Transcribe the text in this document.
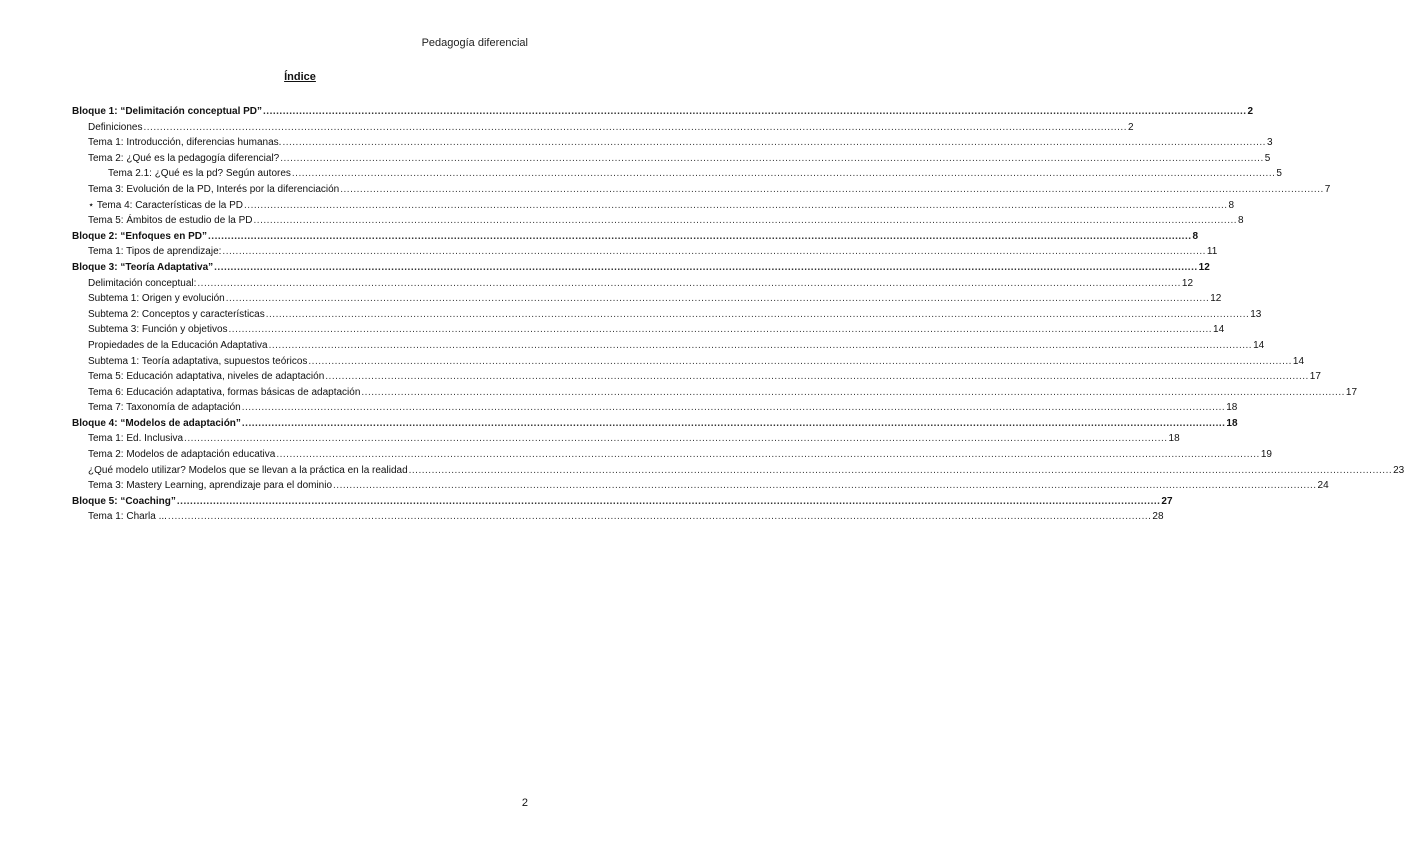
Pedagogía diferencial
Índice
Bloque 1: “Delimitación conceptual PD” ............................................................................................................................................................................................................................................................................................................ 2
Definiciones ............................................................................................................................................................................................................................................................................................................ 2
Tema 1: Introducción, diferencias humanas. ............................................................................................................................................................................................................................................................................................................ 3
Tema 2: ¿Qué es la pedagogía diferencial? ............................................................................................................................................................................................................................................................................................................ 5
Tema 2.1: ¿Qué es la pd? Según autores ............................................................................................................................................................................................................................................................................................................ 5
Tema 3: Evolución de la PD, Interés por la diferenciación ............................................................................................................................................................................................................................................................................................................ 7
⋆ Tema 4: Características de la PD ............................................................................................................................................................................................................................................................................................................ 8
Tema 5: Ámbitos de estudio de la PD ............................................................................................................................................................................................................................................................................................................ 8
Bloque 2: “Enfoques en PD” ............................................................................................................................................................................................................................................................................................................ 8
Tema 1: Tipos de aprendizaje: ............................................................................................................................................................................................................................................................................................................ 11
Bloque 3: “Teoría Adaptativa” ............................................................................................................................................................................................................................................................................................................ 12
Delimitación conceptual: ............................................................................................................................................................................................................................................................................................................ 12
Subtema 1: Origen y evolución ............................................................................................................................................................................................................................................................................................................ 12
Subtema 2: Conceptos y características ............................................................................................................................................................................................................................................................................................................ 13
Subtema 3: Función y objetivos ............................................................................................................................................................................................................................................................................................................ 14
Propiedades de la Educación Adaptativa ............................................................................................................................................................................................................................................................................................................ 14
Subtema 1: Teoría adaptativa, supuestos teóricos ............................................................................................................................................................................................................................................................................................................ 14
Tema 5: Educación adaptativa, niveles de adaptación ............................................................................................................................................................................................................................................................................................................ 17
Tema 6: Educación adaptativa, formas básicas de adaptación ............................................................................................................................................................................................................................................................................................................ 17
Tema 7: Taxonomía de adaptación ............................................................................................................................................................................................................................................................................................................ 18
Bloque 4: “Modelos de adaptación” ............................................................................................................................................................................................................................................................................................................ 18
Tema 1: Ed. Inclusiva ............................................................................................................................................................................................................................................................................................................ 18
Tema 2: Modelos de adaptación educativa ............................................................................................................................................................................................................................................................................................................ 19
¿Qué modelo utilizar? Modelos que se llevan a la práctica en la realidad ............................................................................................................................................................................................................................................................................................................ 23
Tema 3: Mastery Learning, aprendizaje para el dominio ............................................................................................................................................................................................................................................................................................................ 24
Bloque 5: “Coaching” ............................................................................................................................................................................................................................................................................................................ 27
Tema 1: Charla ... ............................................................................................................................................................................................................................................................................................................ 28
2
